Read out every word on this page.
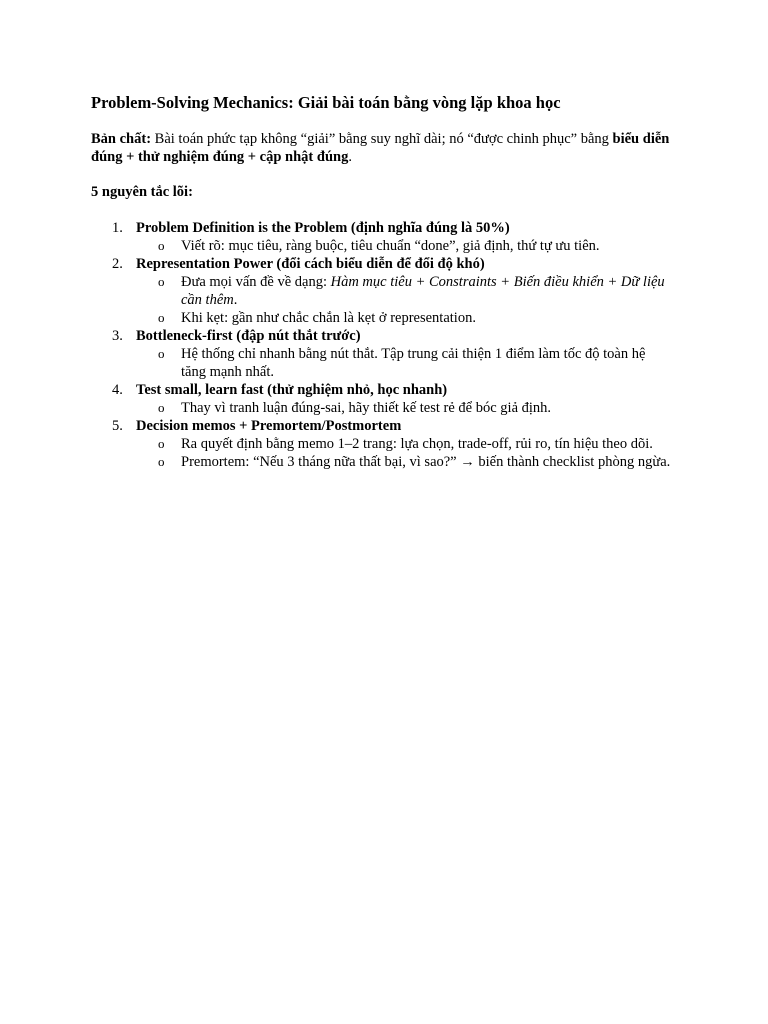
Problem-Solving Mechanics: Giải bài toán bằng vòng lặp khoa học

Bản chất: Bài toán phức tạp không “giải” bằng suy nghĩ dài; nó “được chinh phục” bằng biểu diễn đúng + thử nghiệm đúng + cập nhật đúng.

5 nguyên tắc lõi:

1. Problem Definition is the Problem (định nghĩa đúng là 50%)
o Viết rõ: mục tiêu, ràng buộc, tiêu chuẩn “done”, giả định, thứ tự ưu tiên.
2. Representation Power (đổi cách biểu diễn để đổi độ khó)
o Đưa mọi vấn đề về dạng: Hàm mục tiêu + Constraints + Biến điều khiển + Dữ liệu cần thêm.
o Khi kẹt: gần như chắc chắn là kẹt ở representation.
3. Bottleneck-first (đập nút thắt trước)
o Hệ thống chỉ nhanh bằng nút thắt. Tập trung cải thiện 1 điểm làm tốc độ toàn hệ tăng mạnh nhất.
4. Test small, learn fast (thử nghiệm nhỏ, học nhanh)
o Thay vì tranh luận đúng-sai, hãy thiết kế test rẻ để bóc giả định.
5. Decision memos + Premortem/Postmortem
o Ra quyết định bằng memo 1–2 trang: lựa chọn, trade-off, rủi ro, tín hiệu theo dõi.
o Premortem: “Nếu 3 tháng nữa thất bại, vì sao?” → biến thành checklist phòng ngừa.
